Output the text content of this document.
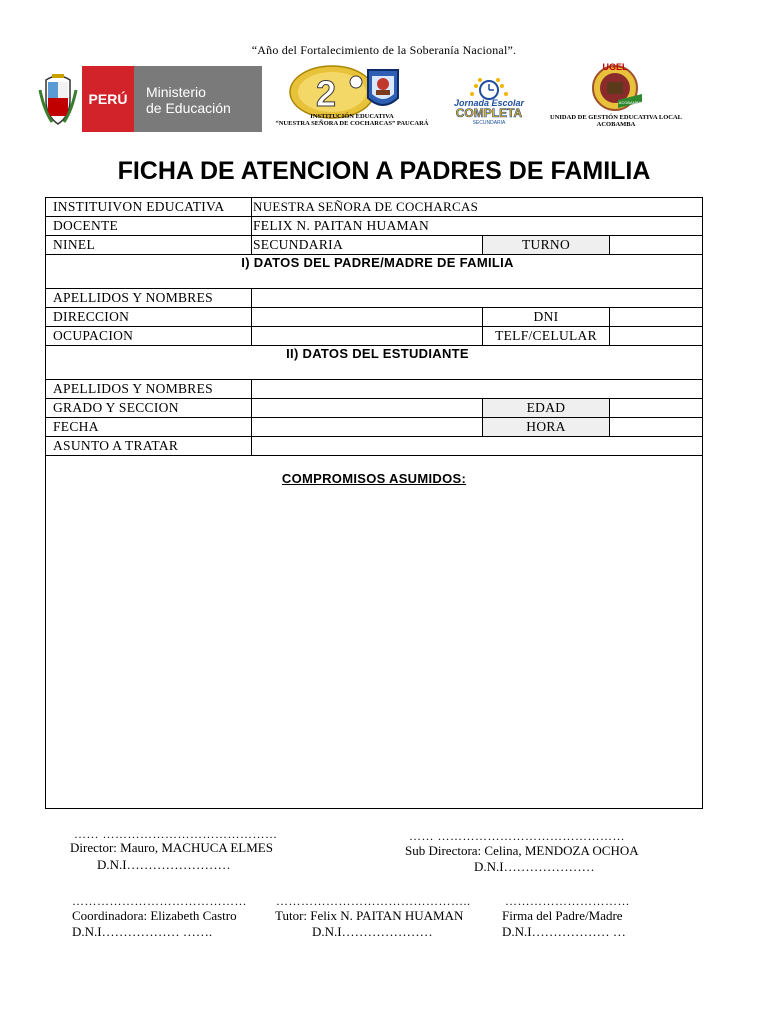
“Año del Fortalecimiento de la Soberanía Nacional”.
PERÚ	Ministerio
de Educación	2
INSTITUCIÓN EDUCATIVA
“NUESTRA SEÑORA DE COCHARCAS” PAUCARÁ
Jornada Escolar
COMPLETA
SECUNDARIA
UGEL
ACOBAMBA
UNIDAD DE GESTIÓN EDUCATIVA LOCAL
ACOBAMBA
FICHA DE ATENCION A PADRES DE FAMILIA
INSTITUIVON EDUCATIVA	NUESTRA SEÑORA DE COCHARCAS		
DOCENTE	FELIX N. PAITAN HUAMAN		
NINEL	SECUNDARIA	TURNO	
I) DATOS DEL PADRE/MADRE DE FAMILIA			
APELLIDOS Y NOMBRES			
DIRECCION		DNI	
OCUPACION		TELF/CELULAR	
II) DATOS DEL ESTUDIANTE			
APELLIDOS Y NOMBRES			
GRADO Y SECCION		EDAD	
FECHA		HORA	
ASUNTO A TRATAR			
COMPROMISOS ASUMIDOS:			
…… ……………………………………
Director: Mauro, MACHUCA ELMES
D.N.I……………………
…… ………………………………………
Sub Directora: Celina, MENDOZA OCHOA
D.N.I…………………
……………………………………
Coordinadora: Elizabeth Castro
D.N.I……………… …….
………………………………………..
Tutor: Felix N. PAITAN HUAMAN
D.N.I…………………
…………………………
Firma del Padre/Madre
D.N.I……………… …
